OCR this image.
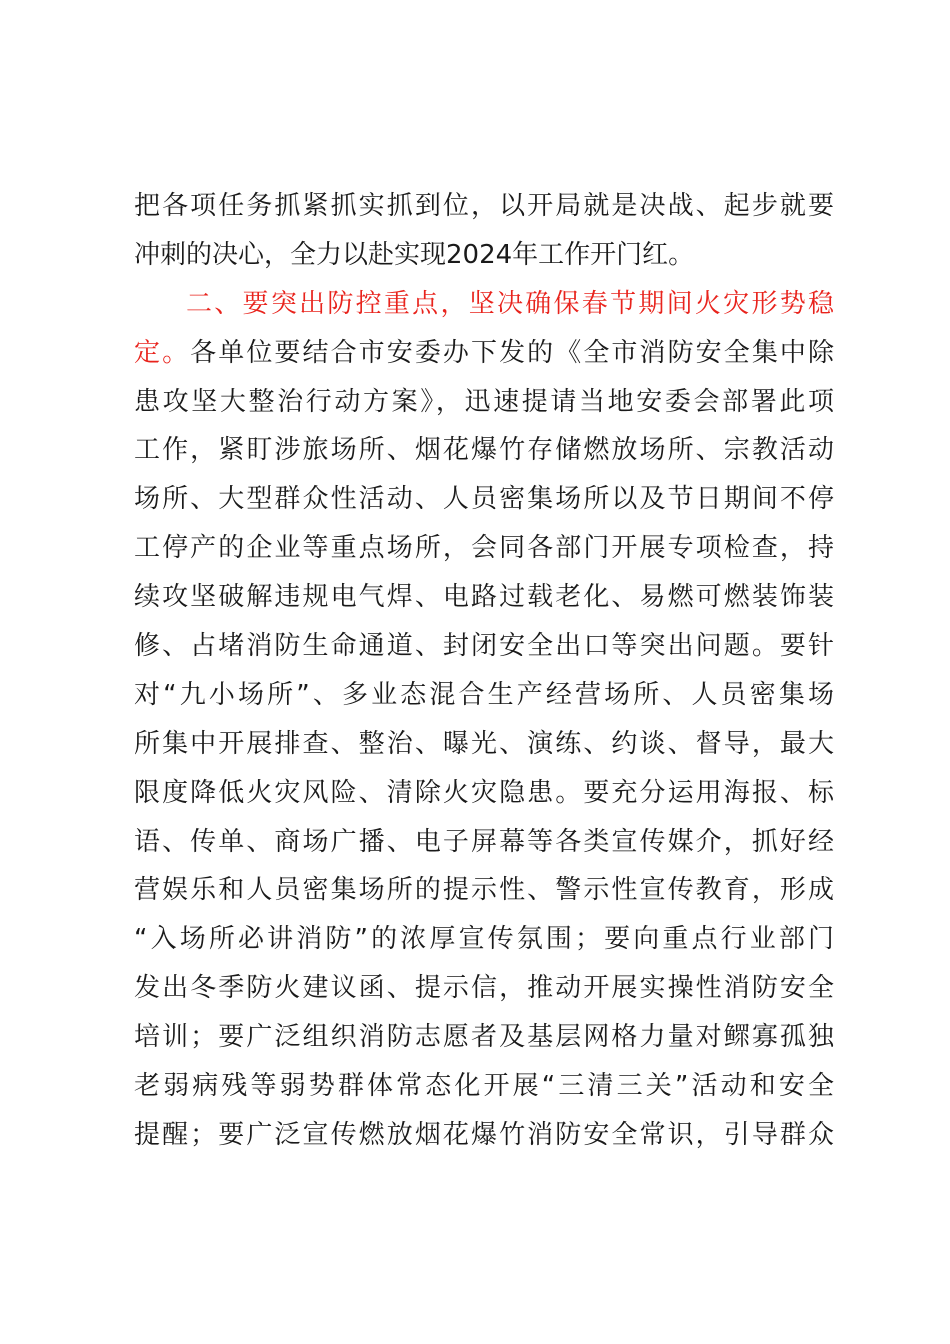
把各项任务抓紧抓实抓到位，以开局就是决战、起步就要
冲刺的决心，全力以赴实现2024年工作开门红。
二、要突出防控重点，坚决确保春节期间火灾形势稳
定。各单位要结合市安委办下发的《全市消防安全集中除
患攻坚大整治行动方案》，迅速提请当地安委会部署此项
工作，紧盯涉旅场所、烟花爆竹存储燃放场所、宗教活动
场所、大型群众性活动、人员密集场所以及节日期间不停
工停产的企业等重点场所，会同各部门开展专项检查，持
续攻坚破解违规电气焊、电路过载老化、易燃可燃装饰装
修、占堵消防生命通道、封闭安全出口等突出问题。要针
对“九小场所”、多业态混合生产经营场所、人员密集场
所集中开展排查、整治、曝光、演练、约谈、督导，最大
限度降低火灾风险、清除火灾隐患。要充分运用海报、标
语、传单、商场广播、电子屏幕等各类宣传媒介，抓好经
营娱乐和人员密集场所的提示性、警示性宣传教育，形成
“入场所必讲消防”的浓厚宣传氛围；要向重点行业部门
发出冬季防火建议函、提示信，推动开展实操性消防安全
培训；要广泛组织消防志愿者及基层网格力量对鳏寡孤独
老弱病残等弱势群体常态化开展“三清三关”活动和安全
提醒；要广泛宣传燃放烟花爆竹消防安全常识，引导群众
